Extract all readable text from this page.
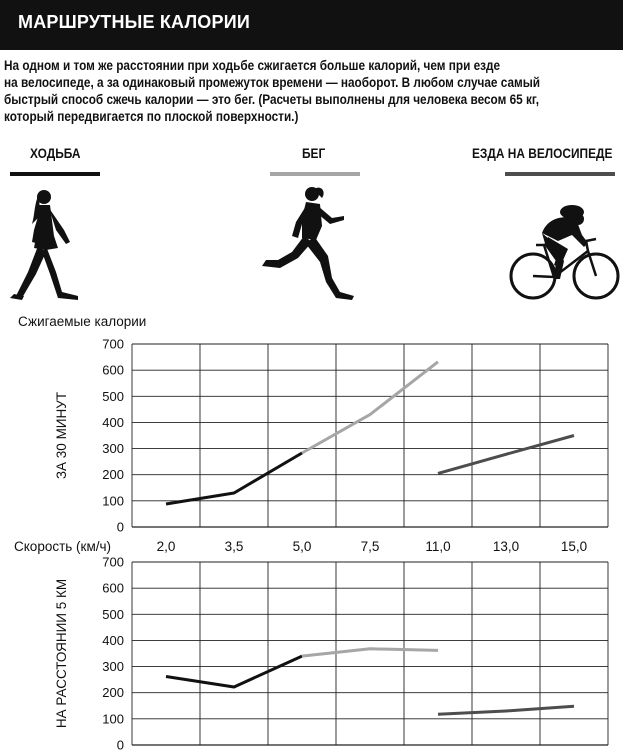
МАРШРУТНЫЕ КАЛОРИИ
На одном и том же расстоянии при ходьбе сжигается больше калорий, чем при езде
на велосипеде, а за одинаковый промежуток времени — наоборот. В любом случае самый
быстрый способ сжечь калории — это бег. (Расчеты выполнены для человека весом 65 кг,
который передвигается по плоской поверхности.)
ХОДЬБА	БЕГ	ЕЗДА НА ВЕЛОСИПЕДЕ
0
100
200
300
400
500
600
700
ЗА 30 МИНУТ
0
100
200
300
400
500
600
700
НА РАССТОЯНИИ 5 КМ
Сжигаемые калории
Скорость (км/ч)	2,0	3,5	5,0	7,5	11,0	13,0	15,0
